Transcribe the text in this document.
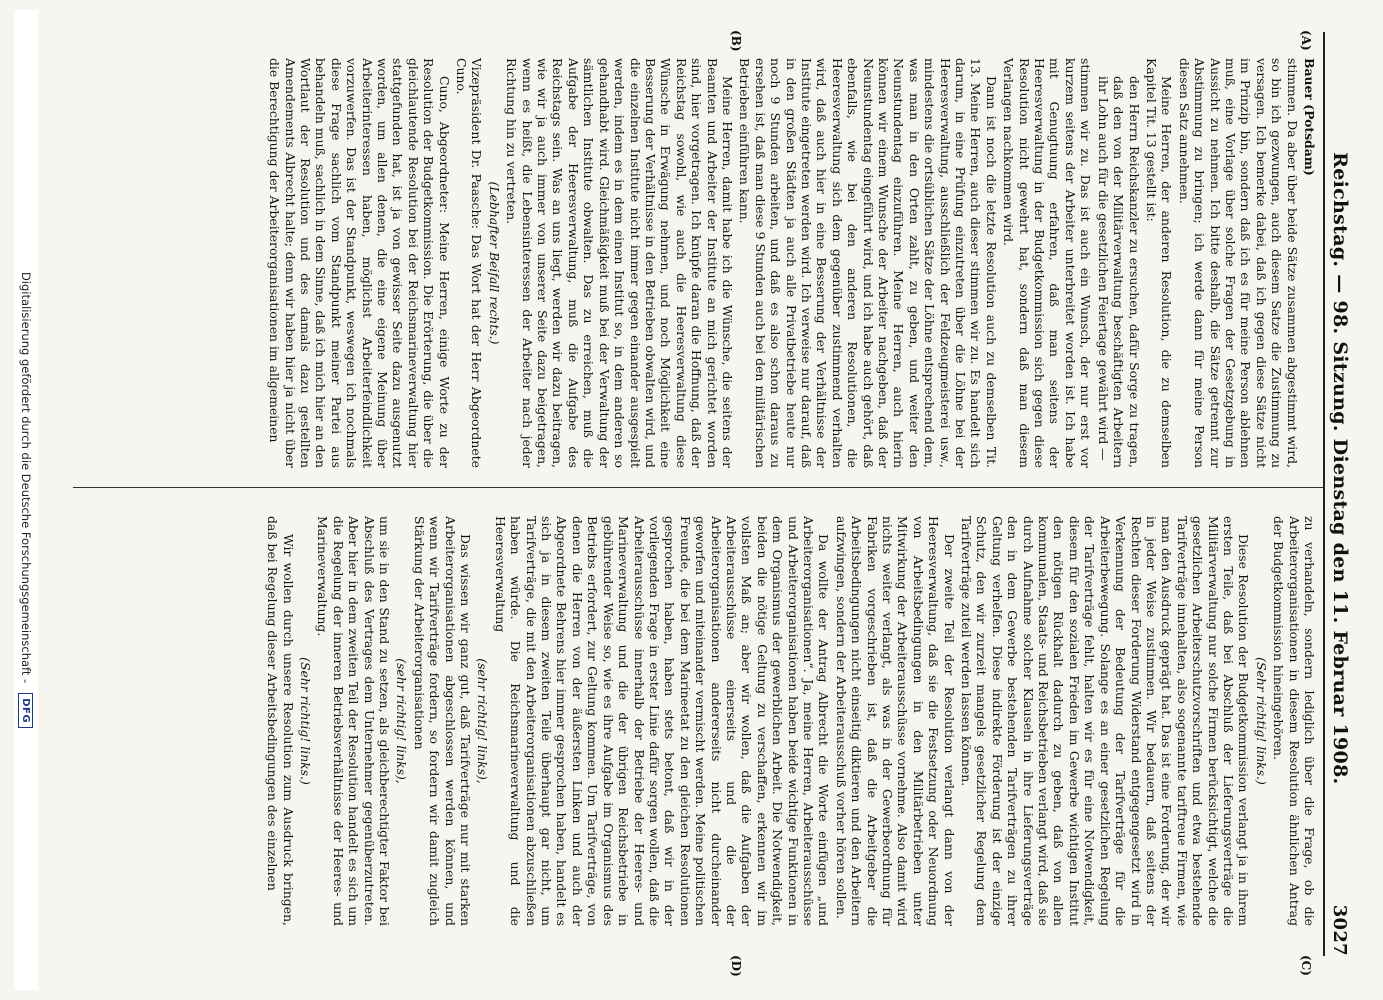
Reichstag. — 98. Sitzung. Dienstag den 11. Februar 1908.
3027
(A)
(B)
(C)
(D)

Bauer (Potsdam)

stimmen. Da aber über beide Sätze zusammen abgestimmt wird, so bin ich gezwungen, auch diesem Satze die Zustimmung zu versagen. Ich bemerke dabei, daß ich gegen diese Sätze nicht im Prinzip bin, sondern daß ich es für meine Person ablehnen muß, eine Vorlage über solche Fragen der Gesetzgebung in Aussicht zu nehmen. Ich bitte deshalb, die Sätze getrennt zur Abstimmung zu bringen; ich werde dann für meine Person diesen Satz annehmen.

Meine Herren, der anderen Resolution, die zu demselben Kapitel Tit. 13 gestellt ist:

den Herrn Reichskanzler zu ersuchen, dafür Sorge zu tragen, daß den von der Militärverwaltung beschäftigten Arbeitern ihr Lohn auch für die gesetzlichen Feiertage gewährt wird —

stimmen wir zu. Das ist auch ein Wunsch, der nur erst vor kurzem seitens der Arbeiter unterbreitet worden ist. Ich habe mit Genugtuung erfahren, daß man seitens der Heeresverwaltung in der Budgetkommission sich gegen diese Resolution nicht gewehrt hat, sondern daß man diesem Verlangen nachkommen wird.

Dann ist noch die letzte Resolution auch zu demselben Tit. 13. Meine Herren, auch dieser stimmen wir zu. Es handelt sich darum, in eine Prüfung einzutreten über die Löhne bei der Heeresverwaltung, ausschließlich der Feldzeugmeisterei usw., mindestens die ortsüblichen Sätze der Löhne entsprechend dem, was man in den Orten zahlt, zu geben, und weiter den Neunstundentag einzuführen. Meine Herren, auch hierin können wir einem Wunsche der Arbeiter nachgeben, daß der Neunstundentag eingeführt wird, und ich habe auch gehört, daß ebenfalls, wie bei den anderen Resolutionen, die Heeresverwaltung sich dem gegenüber zustimmend verhalten wird, daß auch hier in eine Besserung der Verhältnisse der Institute eingetreten werden wird. Ich verweise nur darauf, daß in den großen Städten ja auch alle Privatbetriebe heute nur noch 9 Stunden arbeiten, und daß es also schon daraus zu ersehen ist, daß man diese 9 Stunden auch bei den militärischen Betrieben einführen kann.

Meine Herren, damit habe ich die Wünsche, die seitens der Beamten und Arbeiter der Institute an mich gerichtet worden sind, hier vorgetragen. Ich knüpfe daran die Hoffnung, daß der Reichstag sowohl, wie auch die Heeresverwaltung diese Wünsche in Erwägung nehmen, und noch Möglichkeit eine Besserung der Verhältnisse in den Betrieben obwalten wird, und die einzelnen Institute nicht immer gegen einander ausgespielt werden, indem es in dem einen Institut so, in dem anderen so gehandhabt wird. Gleichmäßigkeit muß bei der Verwaltung der sämtlichen Institute obwalten. Das zu erreichen, muß die Aufgabe der Heeresverwaltung, muß die Aufgabe des Reichstags sein. Was an uns liegt, werden wir dazu beitragen, wie wir ja auch immer von unserer Seite dazu beigetragen, wenn es heißt, die Lebensinteressen der Arbeiter nach jeder Richtung hin zu vertreten.

(Lebhafter Beifall rechts.)

Vizepräsident Dr. Paasche: Das Wort hat der Herr Abgeordnete Cuno.

Cuno, Abgeordneter: Meine Herren, einige Worte zu der Resolution der Budgetkommission. Die Erörterung, die über die gleichlautende Resolution bei der Reichsmarineverwaltung hier stattgefunden hat, ist ja von gewisser Seite dazu ausgenutzt worden, um allen denen, die eine eigene Meinung über Arbeiterinteressen haben, möglichst Arbeiterfeindlichkeit vorzuwerfen. Das ist der Standpunkt, weswegen ich nochmals diese Frage sachlich vom Standpunkt meiner Partei aus behandeln muß, sachlich in dem Sinne, daß ich mich hier an den Wortlaut der Resolution und des damals dazu gestellten Amendements Albrecht halte; denn wir haben hier ja nicht über die Berechtigung der Arbeiterorganisationen im allgemeinen

zu verhandeln, sondern lediglich über die Frage, ob die Arbeiterorganisationen in diesem Resolution ähnlichen Antrag der Budgetkommission hineingehören.

(Sehr richtig! links.)

Diese Resolution der Budgetkommission verlangt ja in ihrem ersten Teile, daß bei Abschluß der Lieferungsverträge die Militärverwaltung nur solche Firmen berücksichtigt, welche die gesetzlichen Arbeiterschutzvorschriften und etwa bestehende Tarifverträge innehalten, also sogenannte tariftreue Firmen, wie man den Ausdruck geprägt hat. Das ist eine Forderung, der wir in jeder Weise zustimmen. Wir bedauern, daß seitens der Rechten dieser Forderung Widerstand entgegengesetzt wird in Verkennung der Bedeutung der Tarifverträge für die Arbeiterbewegung. Solange es an einer gesetzlichen Regelung der Tarifverträge fehlt, halten wir es für eine Notwendigkeit, diesem für den sozialen Frieden im Gewerbe wichtigen Institut den nötigen Rückhalt dadurch zu geben, daß von allen kommunalen, Staats- und Reichsbetrieben verlangt wird, daß sie durch Aufnahme solcher Klauseln in ihre Lieferungsverträge den in dem Gewerbe bestehenden Tarifverträgen zu ihrer Geltung verhelfen. Diese indirekte Förderung ist der einzige Schutz, den wir zurzeit mangels gesetzlicher Regelung dem Tarifverträge zuteil werden lassen können.

Der zweite Teil der Resolution verlangt dann von der Heeresverwaltung, daß sie die Festsetzung oder Neuordnung von Arbeitsbedingungen in den Militärbetrieben unter Mitwirkung der Arbeiterausschüsse vornehme. Also damit wird nichts weiter verlangt, als was in der Gewerbeordnung für Fabriken vorgeschrieben ist, daß die Arbeitgeber die Arbeitsbedingungen nicht einseitig diktieren und den Arbeitern aufzwingen, sondern der Arbeiterausschuß vorher hören sollen.

Da wollte der Antrag Albrecht die Worte einfügen „und Arbeiterorganisationen“. Ja, meine Herren, Arbeiterausschüsse und Arbeiterorganisationen haben beide wichtige Funktionen in dem Organismus der gewerblichen Arbeit. Die Notwendigkeit, beiden die nötige Geltung zu verschaffen, erkennen wir im vollsten Maß an; aber wir wollen, daß die Aufgaben der Arbeiterausschüsse einerseits und die der Arbeiterorganisationen andererseits nicht durcheinander geworfen und miteinander vermischt werden. Meine politischen Freunde, die bei dem Marineetat zu den gleichen Resolutionen gesprochen haben, haben stets betont, daß wir in der vorliegenden Frage in erster Linie dafür sorgen wollen, daß die Arbeiterausschüsse innerhalb der Betriebe der Heeres- und Marineverwaltung und die der übrigen Reichsbetriebe in gebührender Weise so, wie es ihre Aufgabe im Organismus des Betriebs erfordert, zur Geltung kommen. Um Tarifverträge, von denen die Herren von der äußersten Linken und auch der Abgeordnete Behrens hier immer gesprochen haben, handelt es sich ja in diesem zweiten Teile überhaupt gar nicht, um Tarifverträge, die mit den Arbeiterorganisationen abzuschließen haben würde. Die Reichsmarineverwaltung und die Heeresverwaltung

(sehr richtig! links),

Das wissen wir ganz gut, daß Tarifverträge nur mit starken Arbeiterorganisationen abgeschlossen werden können, und wenn wir Tarifverträge fordern, so fordern wir damit zugleich Stärkung der Arbeiterorganisationen

(sehr richtig! links),

um sie in den Stand zu setzen, als gleichberechtigter Faktor bei Abschluß des Vertrages dem Unternehmer gegenüberzutreten. Aber hier in dem zweiten Teil der Resolution handelt es sich um die Regelung der inneren Betriebsverhältnisse der Heeres- und Marineverwaltung.

(Sehr richtig! links.)

Wir wollen durch unsere Resolution zum Ausdruck bringen, daß bei Regelung dieser Arbeitsbedingungen des einzelnen

Digitalisierung gefördert durch die Deutsche Forschungsgemeinschaft -
DFG
